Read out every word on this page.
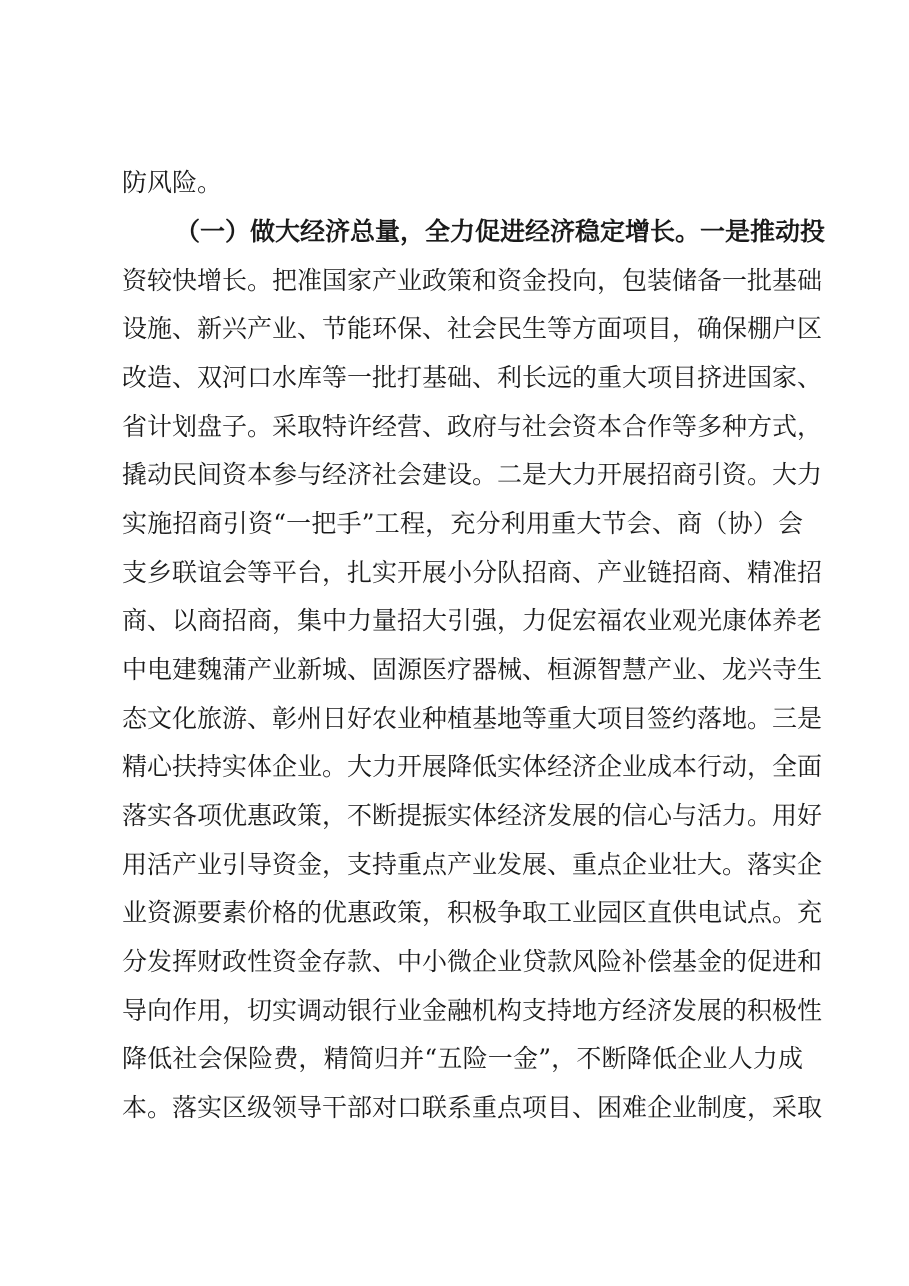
防风险。
（一）做大经济总量，全力促进经济稳定增长。一是推动投
资较快增长。把准国家产业政策和资金投向，包装储备一批基础
设施、新兴产业、节能环保、社会民生等方面项目，确保棚户区
改造、双河口水库等一批打基础、利长远的重大项目挤进国家、
省计划盘子。采取特许经营、政府与社会资本合作等多种方式，
撬动民间资本参与经济社会建设。二是大力开展招商引资。大力
实施招商引资“一把手”工程，充分利用重大节会、商（协）会
支乡联谊会等平台，扎实开展小分队招商、产业链招商、精准招
商、以商招商，集中力量招大引强，力促宏福农业观光康体养老
中电建魏蒲产业新城、固源医疗器械、桓源智慧产业、龙兴寺生
态文化旅游、彰州日好农业种植基地等重大项目签约落地。三是
精心扶持实体企业。大力开展降低实体经济企业成本行动，全面
落实各项优惠政策，不断提振实体经济发展的信心与活力。用好
用活产业引导资金，支持重点产业发展、重点企业壮大。落实企
业资源要素价格的优惠政策，积极争取工业园区直供电试点。充
分发挥财政性资金存款、中小微企业贷款风险补偿基金的促进和
导向作用，切实调动银行业金融机构支持地方经济发展的积极性
降低社会保险费，精简归并“五险一金”，不断降低企业人力成
本。落实区级领导干部对口联系重点项目、困难企业制度，采取
